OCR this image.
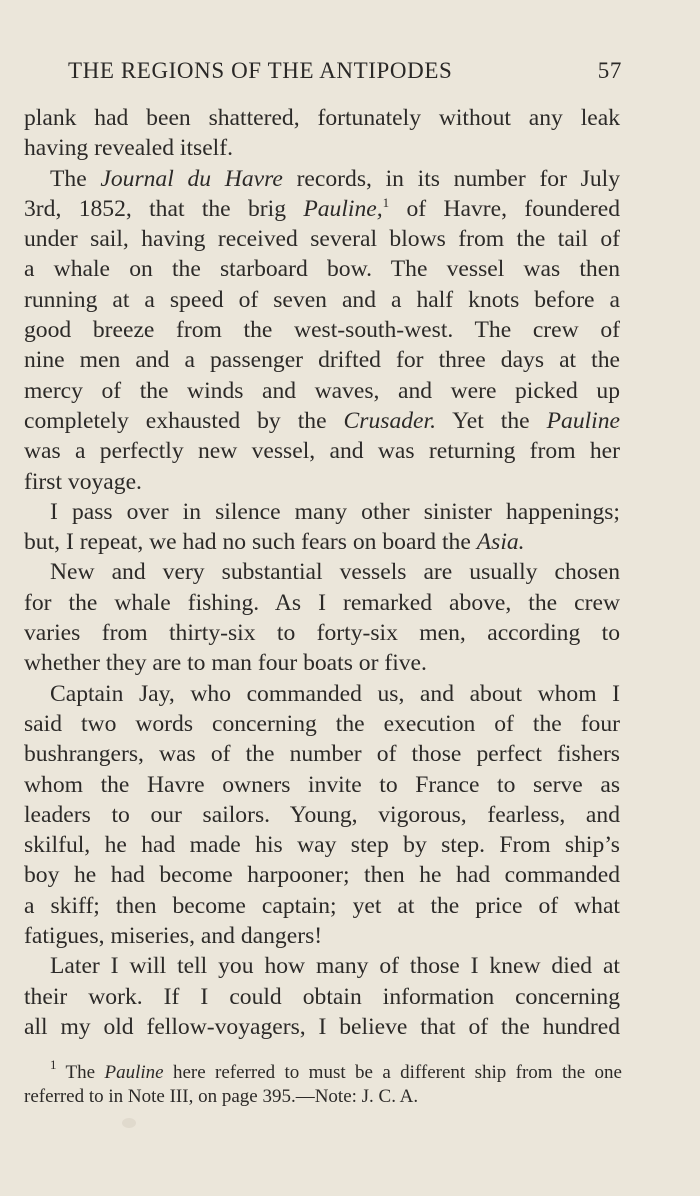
THE REGIONS OF THE ANTIPODES	57
plank had been shattered, fortunately without any leak
having revealed itself.
The Journal du Havre records, in its number for July
3rd, 1852, that the brig Pauline,$^1$ of Havre, foundered
under sail, having received several blows from the tail of
a whale on the starboard bow. The vessel was then
running at a speed of seven and a half knots before a
good breeze from the west-south-west. The crew of
nine men and a passenger drifted for three days at the
mercy of the winds and waves, and were picked up
completely exhausted by the Crusader. Yet the Pauline
was a perfectly new vessel, and was returning from her
first voyage.
I pass over in silence many other sinister happenings;
but, I repeat, we had no such fears on board the Asia.
New and very substantial vessels are usually chosen
for the whale fishing. As I remarked above, the crew
varies from thirty-six to forty-six men, according to
whether they are to man four boats or five.
Captain Jay, who commanded us, and about whom I
said two words concerning the execution of the four
bushrangers, was of the number of those perfect fishers
whom the Havre owners invite to France to serve as
leaders to our sailors. Young, vigorous, fearless, and
skilful, he had made his way step by step. From ship’s
boy he had become harpooner; then he had commanded
a skiff; then become captain; yet at the price of what
fatigues, miseries, and dangers!
Later I will tell you how many of those I knew died at
their work. If I could obtain information concerning
all my old fellow-voyagers, I believe that of the hundred
$^1$ The Pauline here referred to must be a different ship from the one
referred to in Note III, on page 395.—Note: J. C. A.
